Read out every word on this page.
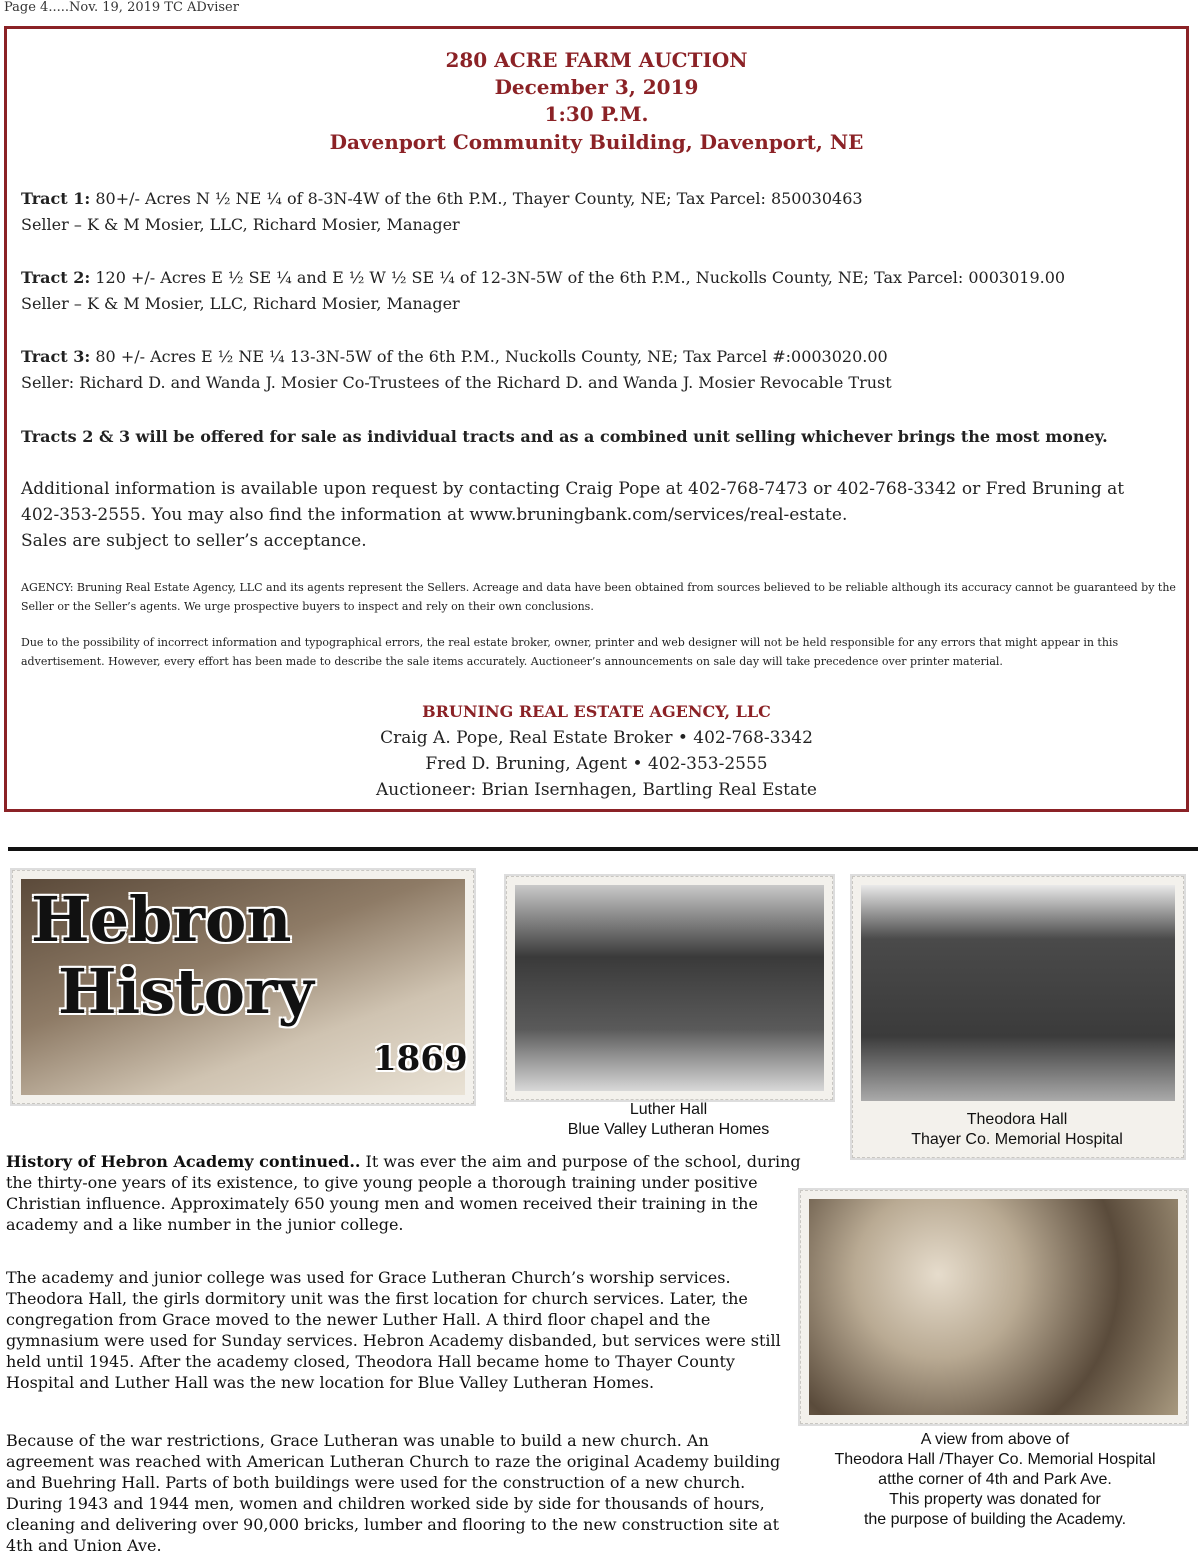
Page 4.....Nov. 19, 2019 TC ADviser
280 ACRE FARM AUCTION
December 3, 2019
1:30 P.M.
Davenport Community Building, Davenport, NE
Tract 1: 80+/- Acres N ½ NE ¼ of 8-3N-4W of the 6th P.M., Thayer County, NE; Tax Parcel: 850030463
Seller – K & M Mosier, LLC, Richard Mosier, Manager
Tract 2: 120 +/- Acres E ½ SE ¼ and E ½ W ½ SE ¼ of 12-3N-5W of the 6th P.M., Nuckolls County, NE; Tax Parcel: 0003019.00
Seller – K & M Mosier, LLC, Richard Mosier, Manager
Tract 3: 80 +/- Acres E ½ NE ¼ 13-3N-5W of the 6th P.M., Nuckolls County, NE; Tax Parcel #:0003020.00
Seller: Richard D. and Wanda J. Mosier Co-Trustees of the Richard D. and Wanda J. Mosier Revocable Trust
Tracts 2 & 3 will be offered for sale as individual tracts and as a combined unit selling whichever brings the most money.
Additional information is available upon request by contacting Craig Pope at 402-768-7473 or 402-768-3342 or Fred Bruning at
402-353-2555. You may also find the information at www.bruningbank.com/services/real-estate.
Sales are subject to seller’s acceptance.
AGENCY: Bruning Real Estate Agency, LLC and its agents represent the Sellers. Acreage and data have been obtained from sources believed to be reliable although its accuracy cannot be guaranteed by the Seller or the Seller’s agents. We urge prospective buyers to inspect and rely on their own conclusions.
Due to the possibility of incorrect information and typographical errors, the real estate broker, owner, printer and web designer will not be held responsible for any errors that might appear in this advertisement. However, every effort has been made to describe the sale items accurately. Auctioneer’s announcements on sale day will take precedence over printer material.
BRUNING REAL ESTATE AGENCY, LLC
Craig A. Pope, Real Estate Broker • 402-768-3342
Fred D. Bruning, Agent • 402-353-2555
Auctioneer: Brian Isernhagen, Bartling Real Estate
Hebron
History
1869
Luther Hall
Blue Valley Lutheran Homes
Theodora Hall
Thayer Co. Memorial Hospital
A view from above of
Theodora Hall /Thayer Co. Memorial Hospital
atthe corner of 4th and Park Ave.
This property was donated for
the purpose of building the Academy.
History of Hebron Academy continued.. It was ever the aim and purpose of the school, during the thirty-one years of its existence, to give young people a thorough training under positive Christian influence. Approximately 650 young men and women received their training in the academy and a like number in the junior college.
The academy and junior college was used for Grace Lutheran Church’s worship services. Theodora Hall, the girls dormitory unit was the first location for church services. Later, the congregation from Grace moved to the newer Luther Hall. A third floor chapel and the gymnasium were used for Sunday services. Hebron Academy disbanded, but services were still held until 1945. After the academy closed, Theodora Hall became home to Thayer County Hospital and Luther Hall was the new location for Blue Valley Lutheran Homes.
Because of the war restrictions, Grace Lutheran was unable to build a new church. An agreement was reached with American Lutheran Church to raze the original Academy building and Buehring Hall. Parts of both buildings were used for the construction of a new church. During 1943 and 1944 men, women and children worked side by side for thousands of hours, cleaning and delivering over 90,000 bricks, lumber and flooring to the new construction site at 4th and Union Ave.
